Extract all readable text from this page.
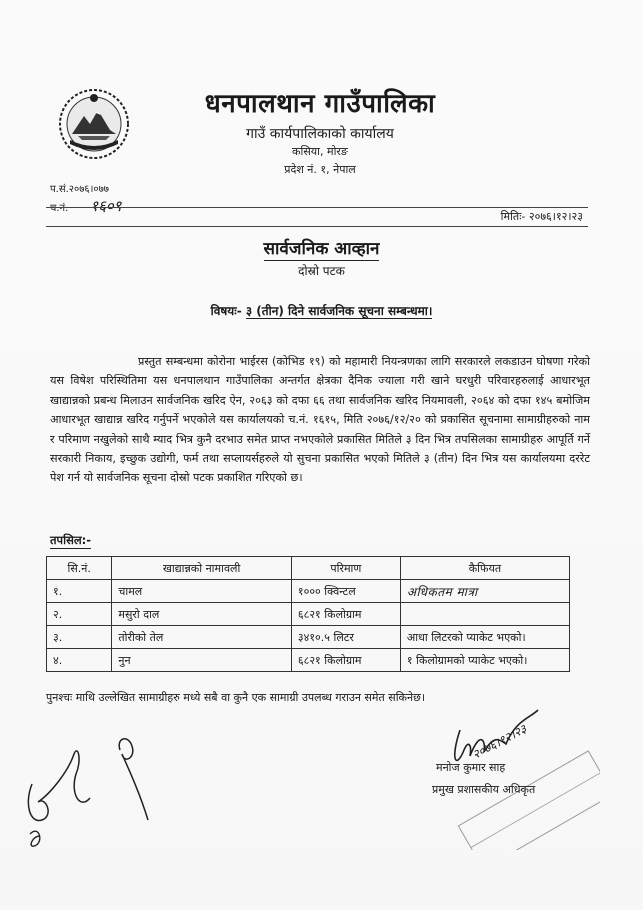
धनपालथान गाउँपालिका
गाउँ कार्यपालिकाको कार्यालय
कसिया, मोरङ
प्रदेश नं. १, नेपाल
प.सं.२०७६।०७७
च.नं. १६०९
मितिः- २०७६।१२।२३
सार्वजनिक आव्हान
दोस्रो पटक
विषयः- ३ (तीन) दिने सार्वजनिक सूचना सम्बन्धमा।
प्रस्तुत सम्बन्धमा कोरोना भाईरस (कोभिड १९) को महामारी नियन्त्रणका लागि सरकारले लकडाउन घोषणा गरेको यस विषेश परिस्थितिमा यस धनपालथान गाउँपालिका अन्तर्गत क्षेत्रका दैनिक ज्याला गरी खाने घरधुरी परिवारहरुलाई आधारभूत खाद्यान्नको प्रबन्ध मिलाउन सार्वजनिक खरिद ऐन, २०६३ को दफा ६६ तथा सार्वजनिक खरिद नियमावली, २०६४ को दफा १४५ बमोजिम आधारभूत खाद्यान्न खरिद गर्नुपर्ने भएकोले यस कार्यालयको च.नं. १६१५, मिति २०७६/१२/२० को प्रकासित सूचनामा सामाग्रीहरुको नाम र परिमाण नखुलेको साथै म्याद भित्र कुनै दरभाउ समेत प्राप्त नभएकोले प्रकासित मितिले ३ दिन भित्र तपसिलका सामाग्रीहरु आपूर्ति गर्ने सरकारी निकाय, इच्छुक उद्योगी, फर्म तथा सप्लायर्सहरुले यो सुचना प्रकासित भएको मितिले ३ (तीन) दिन भित्र यस कार्यालयमा दररेट पेश गर्न यो सार्वजनिक सूचना दोस्रो पटक प्रकाशित गरिएको छ।
तपसिल:-
सि.नं.	खाद्यान्नको नामावली	परिमाण	कैफियत
१.	चामल	१००० क्विन्टल	अधिकतम मात्रा
२.	मसुरो दाल	६८२१ किलोग्राम	
३.	तोरीको तेल	३४१०.५ लिटर	आधा लिटरको प्याकेट भएको।
४.	नुन	६८२१ किलोग्राम	१ किलोग्रामको प्याकेट भएको।
पुनश्चः माथि उल्लेखित सामाग्रीहरु मध्ये सबै वा कुनै एक सामाग्री उपलब्ध गराउन समेत सकिनेछ।
२०७६।१२।२३
मनोज कुमार साह
प्रमुख प्रशासकीय अधिकृत
